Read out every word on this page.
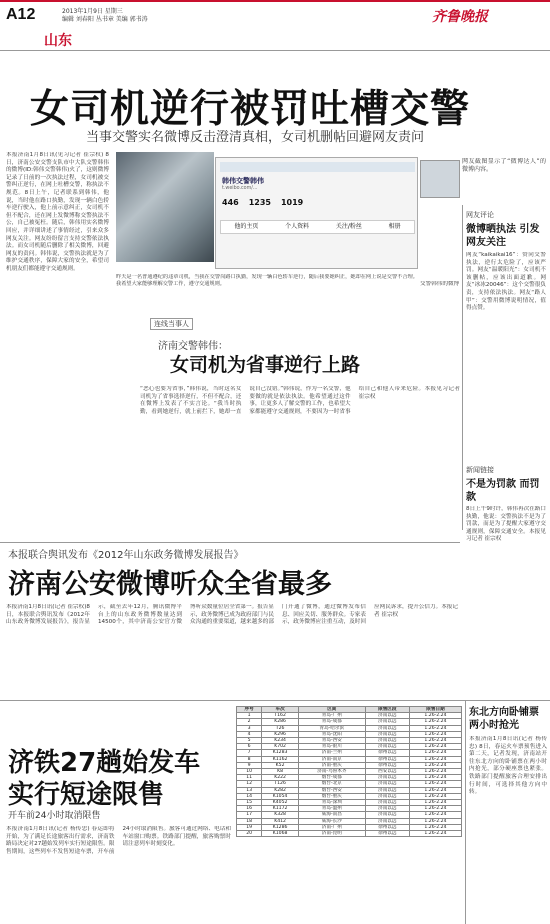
A12	2013年1月9日 星期三
编辑 刘春阳 丛书章 美编 郭书涛
山东
齐鲁晚报
女司机逆行被罚吐槽交警
当事交警实名微博反击澄清真相，女司机删帖回避网友责问
本报济南1月8日讯(见习记者 崔宗权) 8日，济南公安交警支队市中大队交警韩伟的微博(ID:韩伟交警韩伟)火了，这则微博记录了日前的一次执法过程，女司机被交警纠正逆行，在网上吐槽交警，称执法不规范。8日上午，记者联系到韩伟，他说，当时他在路口执勤，发现一辆白色轿车逆行驶入，他上前示意纠正，女司机不但不配合，还在网上发微博称交警执法不公，自己被冤枉。随后，韩伟用实名微博回应，并详细讲述了事情经过，引来众多网友关注。网友纷纷留言支持交警依法执法。而女司机随后删除了相关微博，回避网友的责问。韩伟说，交警执法就是为了维护交通秩序，保障大家的安全，希望司机朋友们都能遵守交通规则。
韩伟交警韩伟
t.weibo.com/...
446 1235 1019
他的主页	个人资料	关注/粉丝	相册
网友截图显示了“微博达人”的微博内容。
昨天是一名普通遵纪的违章司机，当我在交警岗路口执勤，发现一辆白色轿车逆行，随后我要她纠正，她却在网上说是交警不合理。我希望大家能够理解交警工作，遵守交通规则。	交警韩伟的微博
连线当事人
济南交警韩伟：
女司机为省事逆行上路
“恶心也要为省事，”韩伟说，当时这名女司机为了省事选择逆行，不但不配合，还在微博上发表了不实言论。“我当时执勤，看到她逆行，就上前拦下，她却一直说自己没错。”韩伟说，作为一名交警，他要做的就是依法执法。他希望通过这件事，让更多人了解交警的工作，也希望大家都能遵守交通规则，不要因为一时省事给自己和他人带来危险。本报见习记者 崔宗权
网友评论
微博晒执法 引发网友关注
网友“kaikaikai16”：赞同交警执法，逆行太危险了，应该严罚。网友“温暖阳光”：女司机不该删帖，应该出面道歉。网友“冰冰20046”：这个交警很负责，支持依法执法。网友“路人甲”：交警用微博说明情况，值得点赞。
新闻链接
不是为罚款 而罚款
8日上午9时许，韩伟再次在路口执勤，他说：交警执法不是为了罚款，而是为了提醒大家遵守交通规则，保障交通安全。本报见习记者 崔宗权
本报联合舆讯发布《2012年山东政务微博发展报告》
济南公安微博听众全省最多
本报济南1月8日讯(记者 崔宗权)8日，本报联合舆讯发布《2012年山东政务微博发展报告》，报告显示，截至去年12月，腾讯微博平台上的山东政务微博数量达到14500个，其中济南公安官方微博听众数量位居全省第一。报告显示，政务微博已成为政府部门与民众沟通的重要渠道，越来越多的部门开通了微博，通过微博发布信息、回应关切、服务群众。专家表示，政务微博应注重互动，及时回应网民诉求，提升公信力。本报记者 崔宗权
济铁27趟始发车
实行短途限售
开车前24小时取消限售
本报济南1月8日讯(记者 杨传忠) 春运即将开始，为了满足长途旅客出行需求，济南铁路局决定对27趟始发列车实行短途限售。限售期间，这些列车不发售短途车票，开车前24小时取消限售。旅客可通过网络、电话和车站窗口购票。铁路部门提醒，旅客购票时请注意列车时刻变化。
序号	车次	区间	限售区段	限售日期
1	T162	青岛-广州	济南以远	1.26-2.24
2	K286	青岛-成都	济南以远	1.26-2.24
3	T26	青岛-哈尔滨	济南以远	1.26-2.24
4	K296	青岛-沈阳	济南以远	1.26-2.24
5	K234	青岛-西安	济南以远	1.26-2.24
6	K702	青岛-银川	济南以远	1.26-2.24
7	K1283	济南-兰州	徐州以远	1.26-2.24
8	K1162	济南-南京	徐州以远	1.26-2.24
9	K52	济南-重庆	徐州以远	1.26-2.24
10	K8	济南-乌鲁木齐	西安以远	1.26-2.24
11	K222	烟台-成都	济南以远	1.26-2.24
12	T126	烟台-北京	济南以远	1.26-2.24
13	K282	烟台-西安	济南以远	1.26-2.24
14	K1054	烟台-重庆	济南以远	1.26-2.24
15	K4052	青岛-深圳	济南以远	1.26-2.24
16	K1172	青岛-温州	济南以远	1.26-2.24
17	K328	威海-南昌	济南以远	1.26-2.24
18	K412	威海-长沙	济南以远	1.26-2.24
19	K1286	济南-广州	徐州以远	1.26-2.24
20	K1068	济南-昆明	徐州以远	1.26-2.24
东北方向卧铺票 两小时抢光
本报济南1月8日讯(记者 杨传忠) 8日，春运火车票预售进入第二天，记者发现，济南站开往东北方向的卧铺票在两小时内抢光，部分硬座票也紧张。铁路部门提醒旅客合理安排出行时间，可选择其他方向中转。
